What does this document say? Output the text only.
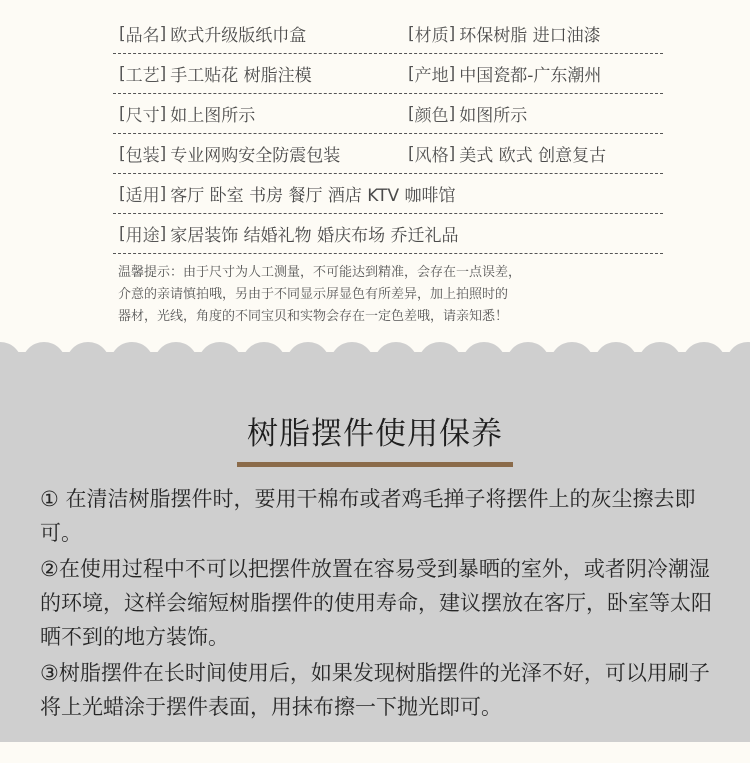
[ 品名 ] 欧式升级版纸巾盒	[ 材质 ] 环保树脂 进口油漆
[ 工艺 ] 手工贴花 树脂注模	[ 产地 ] 中国瓷都-广东潮州
[ 尺寸 ] 如上图所示	[ 颜色 ] 如图所示
[ 包装 ] 专业网购安全防震包装	[ 风格 ] 美式 欧式 创意复古
[ 适用 ] 客厅 卧室 书房 餐厅 酒店 KTV 咖啡馆
[ 用途 ] 家居装饰 结婚礼物 婚庆布场 乔迁礼品
温馨提示：由于尺寸为人工测量，不可能达到精准，会存在一点误差，
介意的亲请慎拍哦，另由于不同显示屏显色有所差异，加上拍照时的
器材，光线，角度的不同宝贝和实物会存在一定色差哦，请亲知悉！
树脂摆件使用保养
① 在清洁树脂摆件时，要用干棉布或者鸡毛掸子将摆件上的灰尘擦去即可。
②在使用过程中不可以把摆件放置在容易受到暴晒的室外，或者阴冷潮湿的环境，这样会缩短树脂摆件的使用寿命，建议摆放在客厅，卧室等太阳晒不到的地方装饰。
③树脂摆件在长时间使用后，如果发现树脂摆件的光泽不好，可以用刷子将上光蜡涂于摆件表面，用抹布擦一下抛光即可。
